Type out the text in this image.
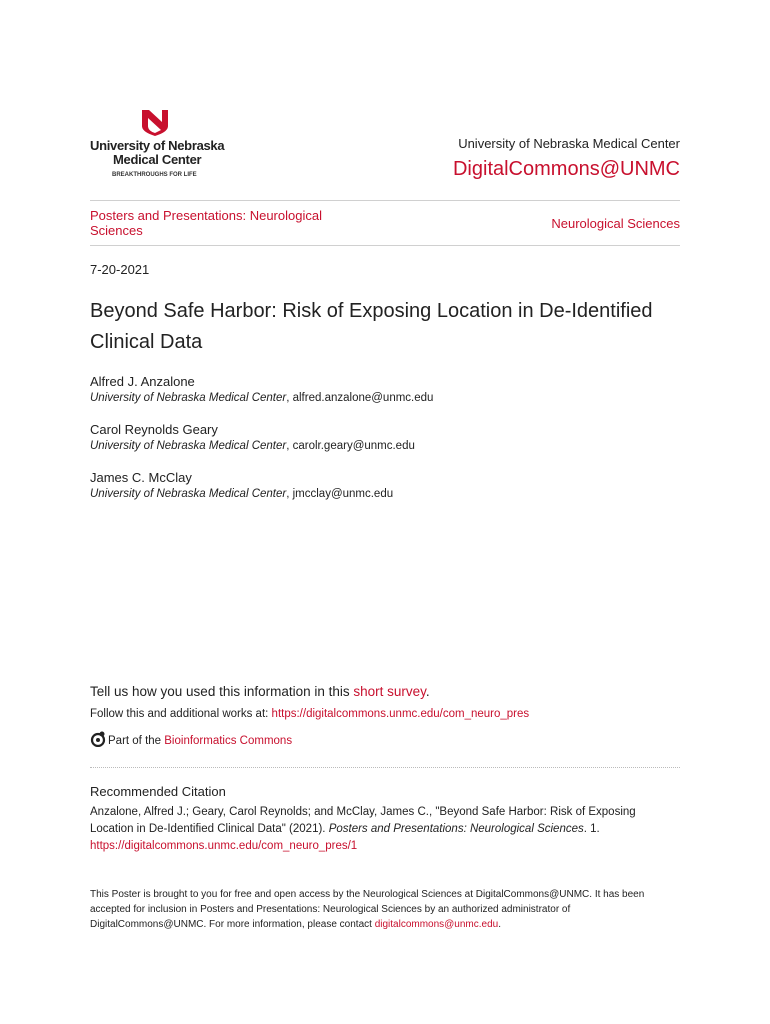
University of Nebraska
Medical Center
BREAKTHROUGHS FOR LIFE
University of Nebraska Medical Center
DigitalCommons@UNMC
Posters and Presentations: Neurological Sciences	Neurological Sciences
7-20-2021
Beyond Safe Harbor: Risk of Exposing Location in De-Identified Clinical Data
Alfred J. Anzalone
University of Nebraska Medical Center, alfred.anzalone@unmc.edu
Carol Reynolds Geary
University of Nebraska Medical Center, carolr.geary@unmc.edu
James C. McClay
University of Nebraska Medical Center, jmcclay@unmc.edu
Tell us how you used this information in this short survey.
Follow this and additional works at: https://digitalcommons.unmc.edu/com_neuro_pres
Part of the Bioinformatics Commons
Recommended Citation
Anzalone, Alfred J.; Geary, Carol Reynolds; and McClay, James C., "Beyond Safe Harbor: Risk of Exposing Location in De-Identified Clinical Data" (2021). Posters and Presentations: Neurological Sciences. 1.
https://digitalcommons.unmc.edu/com_neuro_pres/1
This Poster is brought to you for free and open access by the Neurological Sciences at DigitalCommons@UNMC. It has been accepted for inclusion in Posters and Presentations: Neurological Sciences by an authorized administrator of DigitalCommons@UNMC. For more information, please contact digitalcommons@unmc.edu.
